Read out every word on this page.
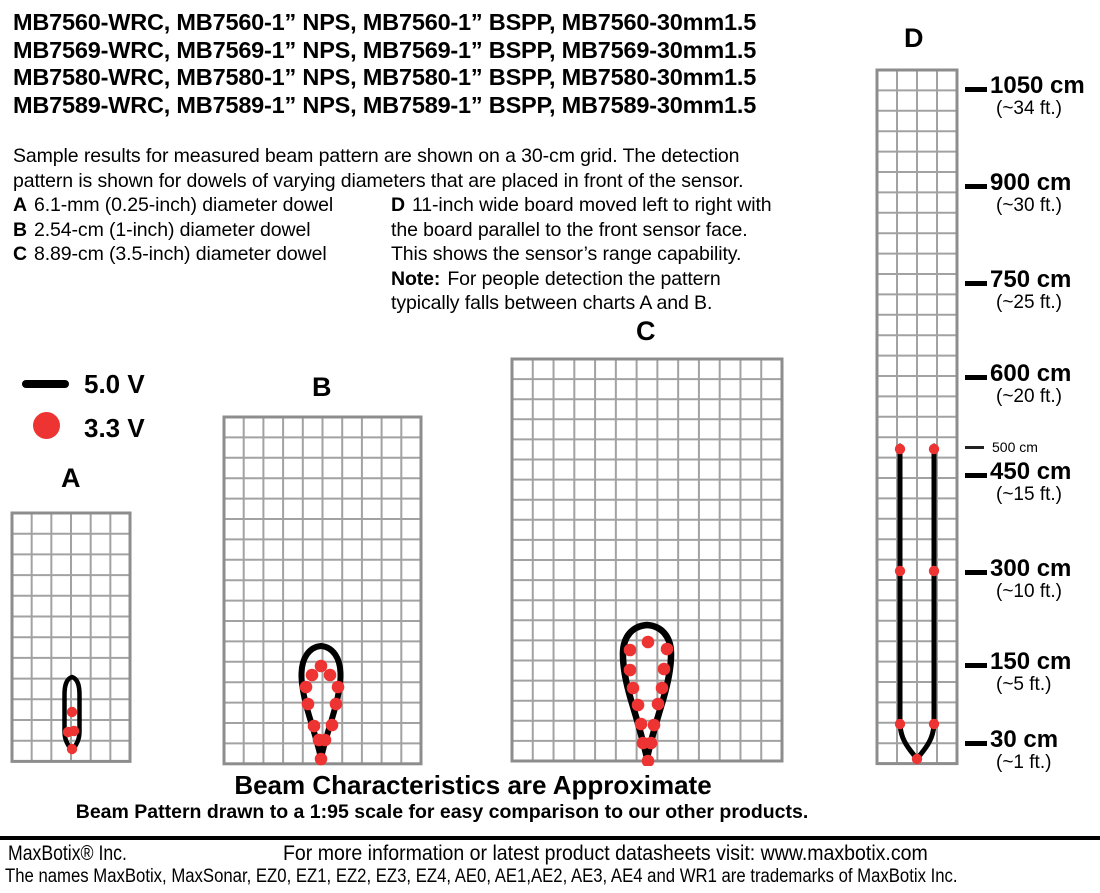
MB7560-WRC, MB7560-1” NPS, MB7560-1” BSPP, MB7560-30mm1.5
MB7569-WRC, MB7569-1” NPS, MB7569-1” BSPP, MB7569-30mm1.5
MB7580-WRC, MB7580-1” NPS, MB7580-1” BSPP, MB7580-30mm1.5
MB7589-WRC, MB7589-1” NPS, MB7589-1” BSPP, MB7589-30mm1.5
Sample results for measured beam pattern are shown on a 30-cm grid. The detection
pattern is shown for dowels of varying diameters that are placed in front of the sensor.
A 6.1-mm (0.25-inch) diameter dowel
B 2.54-cm (1-inch) diameter dowel
C 8.89-cm (3.5-inch) diameter dowel
D 11-inch wide board moved left to right with
the board parallel to the front sensor face.
This shows the sensor’s range capability.
Note: For people detection the pattern
typically falls between charts A and B.
5.0 V
3.3 V
A
B
C
D
1050 cm
(~34 ft.)
900 cm
(~30 ft.)
750 cm
(~25 ft.)
600 cm
(~20 ft.)
500 cm
450 cm
(~15 ft.)
300 cm
(~10 ft.)
150 cm
(~5 ft.)
30 cm
(~1 ft.)
Beam Characteristics are Approximate
Beam Pattern drawn to a 1:95 scale for easy comparison to our other products.
MaxBotix® Inc.	For more information or latest product datasheets visit: www.maxbotix.com
The names MaxBotix, MaxSonar, EZ0, EZ1, EZ2, EZ3, EZ4, AE0, AE1,AE2, AE3, AE4 and WR1 are trademarks of MaxBotix Inc.
